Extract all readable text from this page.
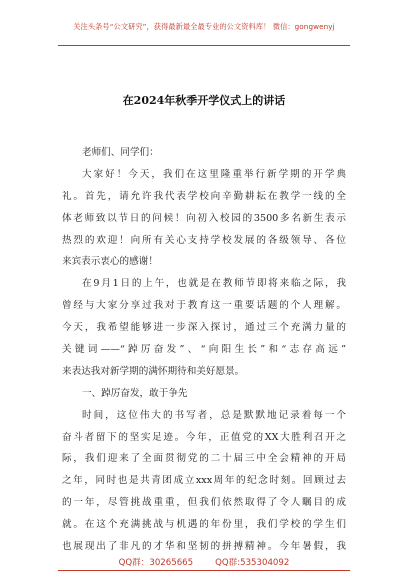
关注头条号“公文研究”，获得最新最全最专业的公文资料库！ 微信：gongwenyj
在2024年秋季开学仪式上的讲话
老师们、同学们：
大家好！今天，我们在这里隆重举行新学期的开学典
礼。首先，请允许我代表学校向辛勤耕耘在教学一线的全
体老师致以节日的问候！向初入校园的3500多名新生表示
热烈的欢迎！向所有关心支持学校发展的各级领导、各位
来宾表示衷心的感谢！
在9月1日的上午，也就是在教师节即将来临之际，我
曾经与大家分享过我对于教育这一重要话题的个人理解。
今天，我希望能够进一步深入探讨，通过三个充满力量的
关键词——“踔厉奋发”、“向阳生长”和“志存高远”
来表达我对新学期的满怀期待和美好愿景。
一、踔厉奋发，敢于争先
时间，这位伟大的书写者，总是默默地记录着每一个
奋斗者留下的坚实足迹。今年，正值党的XX大胜利召开之
际，我们迎来了全面贯彻党的二十届三中全会精神的开局
之年，同时也是共青团成立xxx周年的纪念时刻。回顾过去
的一年，尽管挑战重重，但我们依然取得了令人瞩目的成
就。在这个充满挑战与机遇的年份里，我们学校的学生们
也展现出了非凡的才华和坚韧的拼搏精神。今年暑假，我
QQ群：30265665	QQ群:535304092
